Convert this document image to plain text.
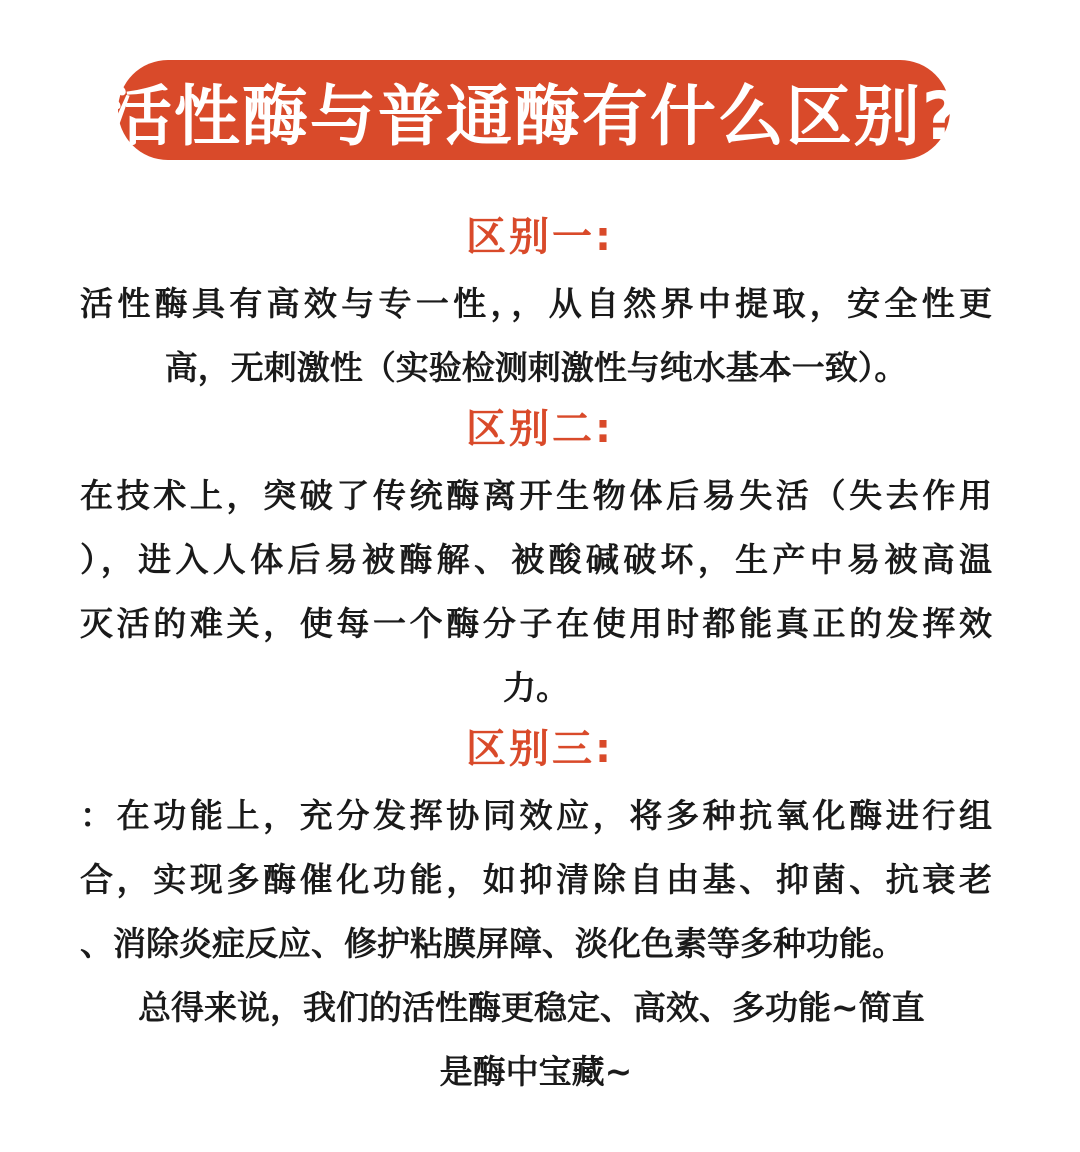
活性酶与普通酶有什么区别?
区别一:
活性酶具有高效与专一性，，从自然界中提取，安全性更
高，无刺激性（实验检测刺激性与纯水基本一致）。
区别二:
在技术上，突破了传统酶离开生物体后易失活（失去作用
），进入人体后易被酶解、被酸碱破坏，生产中易被高温
灭活的难关，使每一个酶分子在使用时都能真正的发挥效
力。
区别三:
：在功能上，充分发挥协同效应，将多种抗氧化酶进行组
合，实现多酶催化功能，如抑清除自由基、抑菌、抗衰老
、消除炎症反应、修护粘膜屏障、淡化色素等多种功能。
总得来说，我们的活性酶更稳定、高效、多功能~简直
是酶中宝藏~
